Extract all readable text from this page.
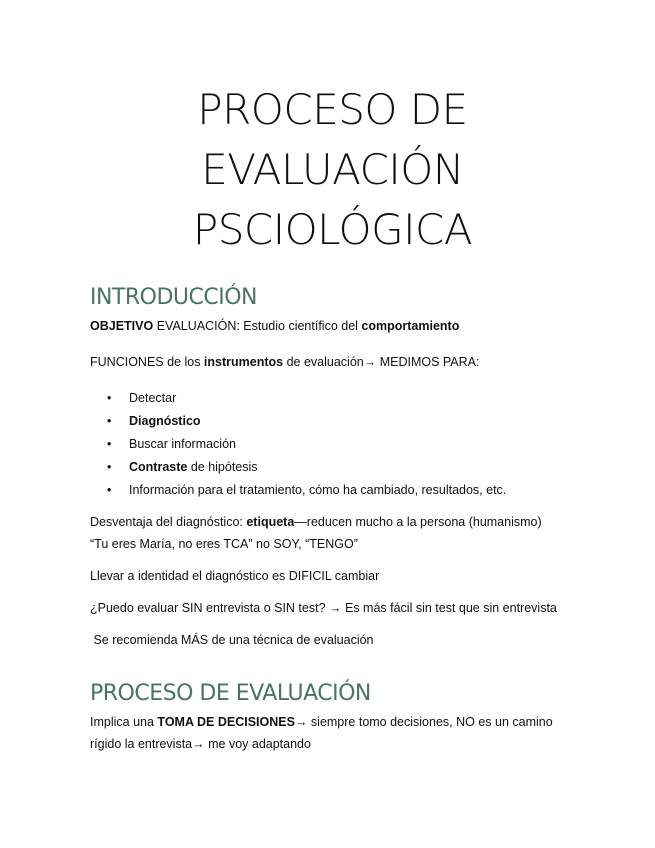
PROCESO DE
EVALUACIÓN
PSCIOLÓGICA
INTRODUCCIÓN

OBJETIVO EVALUACIÓN: Estudio científico del comportamiento

FUNCIONES de los instrumentos de evaluación→ MEDIMOS PARA:

• Detectar
• Diagnóstico
• Buscar información
• Contraste de hipótesis
• Información para el tratamiento, cómo ha cambiado, resultados, etc.

Desventaja del diagnóstico: etiqueta—reducen mucho a la persona (humanismo)
“Tu eres María, no eres TCA” no SOY, “TENGO”

Llevar a identidad el diagnóstico es DIFICIL cambiar

¿Puedo evaluar SIN entrevista o SIN test? → Es más fácil sin test que sin entrevista

Se recomienda MÁS de una técnica de evaluación

PROCESO DE EVALUACIÓN

Implica una TOMA DE DECISIONES→ siempre tomo decisiones, NO es un camino
rígido la entrevista→ me voy adaptando
